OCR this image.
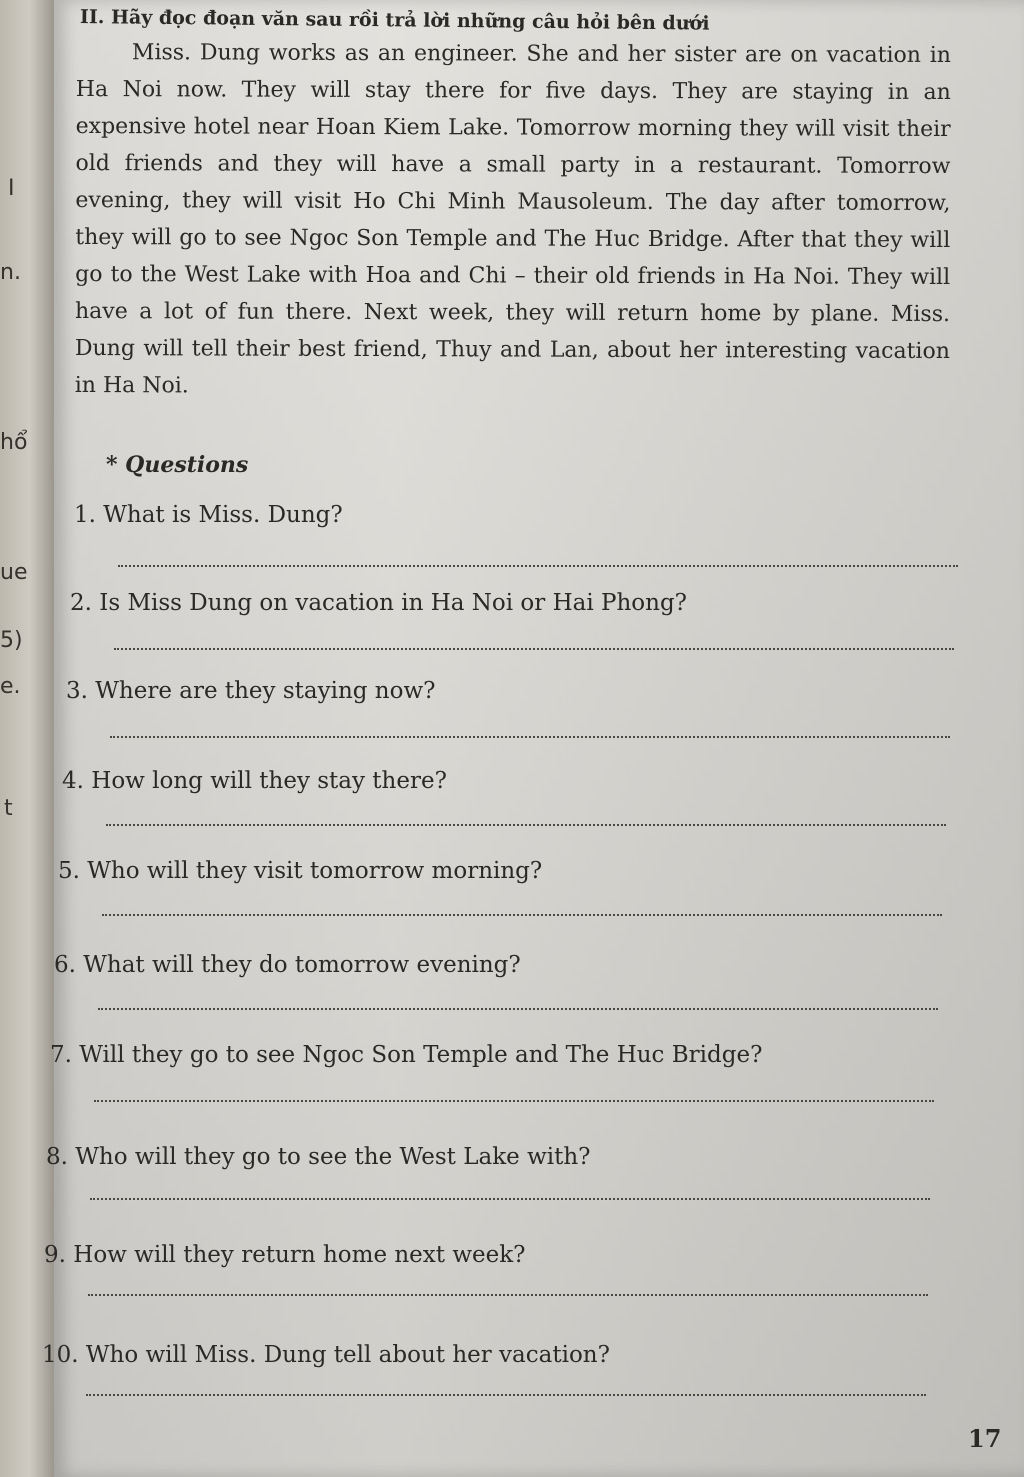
I
n.
hổ
ue
5)
e.
t
II. Hãy đọc đoạn văn sau rồi trả lời những câu hỏi bên dưới
Miss. Dung works as an engineer. She and her sister are on vacation in Ha Noi now. They will stay there for five days. They are staying in an expensive hotel near Hoan Kiem Lake. Tomorrow morning they will visit their old friends and they will have a small party in a restaurant. Tomorrow evening, they will visit Ho Chi Minh Mausoleum. The day after tomorrow, they will go to see Ngoc Son Temple and The Huc Bridge. After that they will go to the West Lake with Hoa and Chi – their old friends in Ha Noi. They will have a lot of fun there. Next week, they will return home by plane. Miss. Dung will tell their best friend, Thuy and Lan, about her interesting vacation in Ha Noi.
* Questions
1. What is Miss. Dung?
2. Is Miss Dung on vacation in Ha Noi or Hai Phong?
3. Where are they staying now?
4. How long will they stay there?
5. Who will they visit tomorrow morning?
6. What will they do tomorrow evening?
7. Will they go to see Ngoc Son Temple and The Huc Bridge?
8. Who will they go to see the West Lake with?
9. How will they return home next week?
10. Who will Miss. Dung tell about her vacation?
17
